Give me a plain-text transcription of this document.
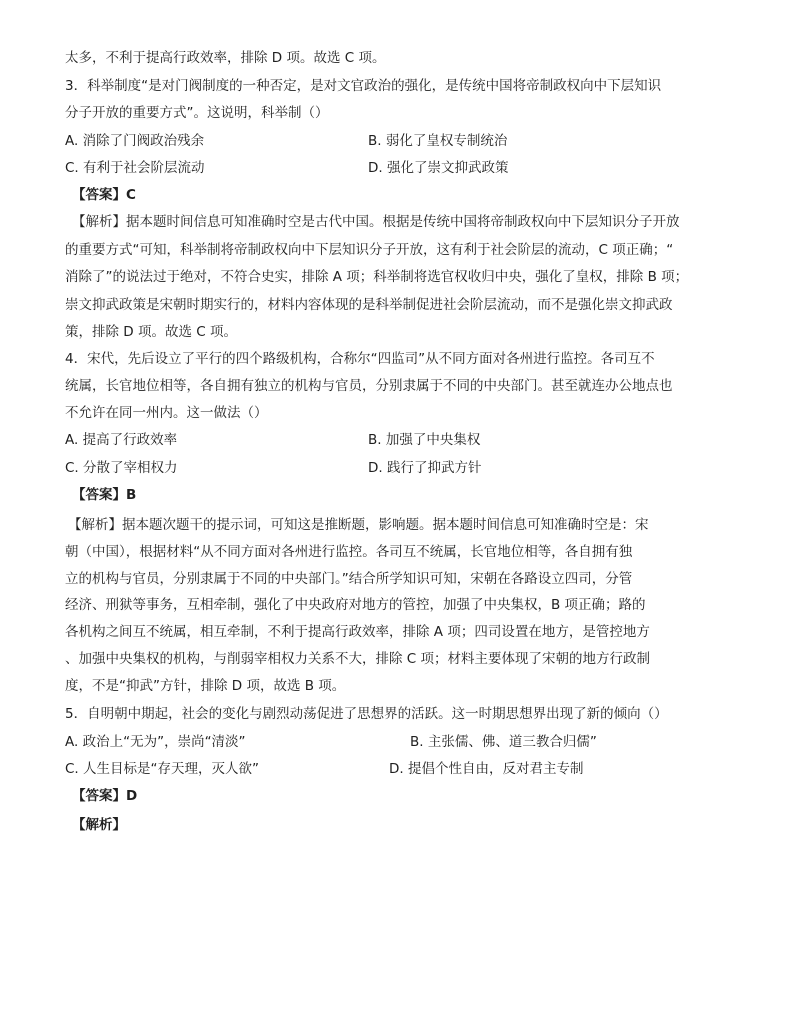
太多，不利于提高行政效率，排除 D 项。故选 C 项。
3．科举制度“是对门阀制度的一种否定，是对文官政治的强化，是传统中国将帝制政权向中下层知识
分子开放的重要方式”。这说明，科举制（）
A. 消除了门阀政治残余	B. 弱化了皇权专制统治
C. 有利于社会阶层流动	D. 强化了崇文抑武政策
【答案】C
【解析】据本题时间信息可知准确时空是古代中国。根据是传统中国将帝制政权向中下层知识分子开放
的重要方式“可知，科举制将帝制政权向中下层知识分子开放，这有利于社会阶层的流动，C 项正确；“
消除了”的说法过于绝对，不符合史实，排除 A 项；科举制将选官权收归中央，强化了皇权，排除 B 项；
崇文抑武政策是宋朝时期实行的，材料内容体现的是科举制促进社会阶层流动，而不是强化崇文抑武政
策，排除 D 项。故选 C 项。
4．宋代，先后设立了平行的四个路级机构，合称尔“四监司”从不同方面对各州进行监控。各司互不
统属，长官地位相等，各自拥有独立的机构与官员，分别隶属于不同的中央部门。甚至就连办公地点也
不允许在同一州内。这一做法（）
A. 提高了行政效率	B. 加强了中央集权
C. 分散了宰相权力	D. 践行了抑武方针
【答案】B
【解析】据本题次题干的提示词，可知这是推断题，影响题。据本题时间信息可知准确时空是：宋
朝（中国），根据材料“从不同方面对各州进行监控。各司互不统属，长官地位相等，各自拥有独
立的机构与官员，分别隶属于不同的中央部门。”结合所学知识可知，宋朝在各路设立四司，分管
经济、刑狱等事务，互相牵制，强化了中央政府对地方的管控，加强了中央集权，B 项正确；路的
各机构之间互不统属，相互牵制，不利于提高行政效率，排除 A 项；四司设置在地方，是管控地方
、加强中央集权的机构，与削弱宰相权力关系不大，排除 C 项；材料主要体现了宋朝的地方行政制
度，不是“抑武”方针，排除 D 项，故选 B 项。
5．自明朝中期起，社会的变化与剧烈动荡促进了思想界的活跃。这一时期思想界出现了新的倾向（）
A. 政治上“无为”，崇尚“清淡”	B. 主张儒、佛、道三教合归儒”
C. 人生目标是“存天理，灭人欲”	D. 提倡个性自由，反对君主专制
【答案】D
【解析】
